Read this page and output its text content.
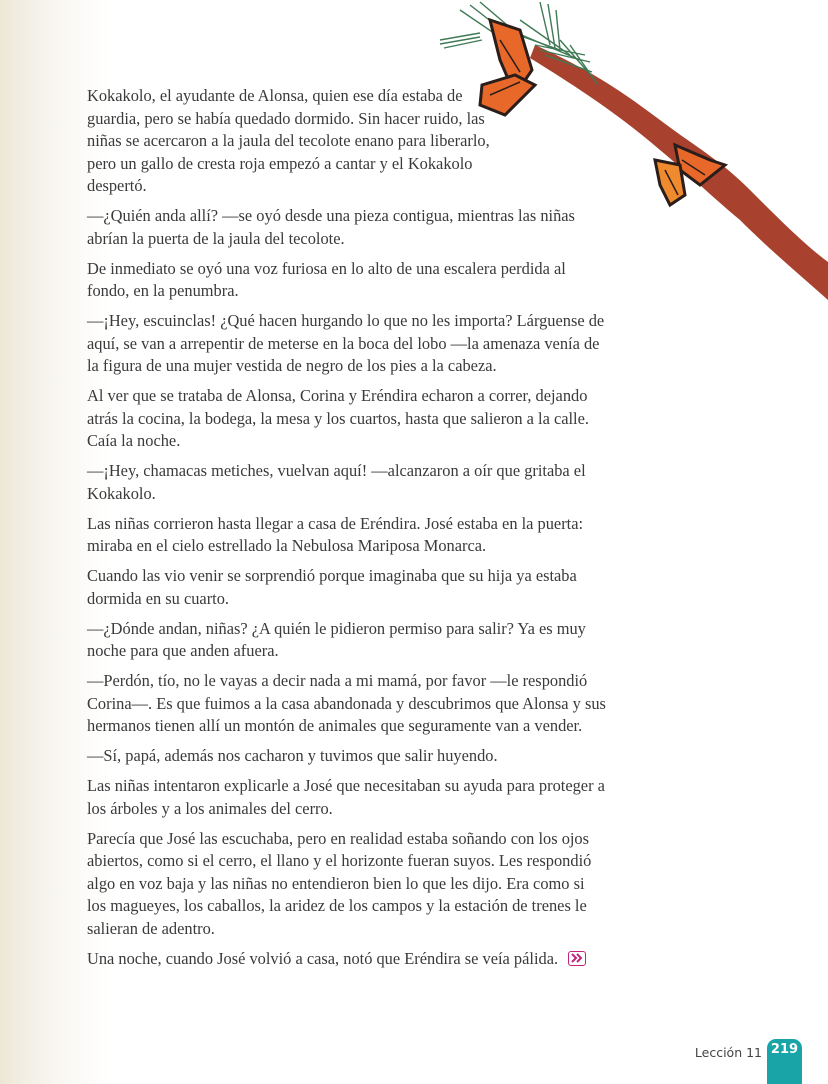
Kokakolo, el ayudante de Alonsa, quien ese día estaba de guardia, pero se había quedado dormido. Sin hacer ruido, las niñas se acercaron a la jaula del tecolote enano para liberarlo, pero un gallo de cresta roja empezó a cantar y el Kokakolo despertó.

—¿Quién anda allí? —se oyó desde una pieza contigua, mientras las niñas abrían la puerta de la jaula del tecolote.

De inmediato se oyó una voz furiosa en lo alto de una escalera perdida al fondo, en la penumbra.

—¡Hey, escuinclas! ¿Qué hacen hurgando lo que no les importa? Lárguense de aquí, se van a arrepentir de meterse en la boca del lobo —la amenaza venía de la figura de una mujer vestida de negro de los pies a la cabeza.

Al ver que se trataba de Alonsa, Corina y Eréndira echaron a correr, dejando atrás la cocina, la bodega, la mesa y los cuartos, hasta que salieron a la calle. Caía la noche.

—¡Hey, chamacas metiches, vuelvan aquí! —alcanzaron a oír que gritaba el Kokakolo.

Las niñas corrieron hasta llegar a casa de Eréndira. José estaba en la puerta: miraba en el cielo estrellado la Nebulosa Mariposa Monarca.

Cuando las vio venir se sorprendió porque imaginaba que su hija ya estaba dormida en su cuarto.

—¿Dónde andan, niñas? ¿A quién le pidieron permiso para salir? Ya es muy noche para que anden afuera.

—Perdón, tío, no le vayas a decir nada a mi mamá, por favor —le respondió Corina—. Es que fuimos a la casa abandonada y descubrimos que Alonsa y sus hermanos tienen allí un montón de animales que seguramente van a vender.

—Sí, papá, además nos cacharon y tuvimos que salir huyendo.

Las niñas intentaron explicarle a José que necesitaban su ayuda para proteger a los árboles y a los animales del cerro.

Parecía que José las escuchaba, pero en realidad estaba soñando con los ojos abiertos, como si el cerro, el llano y el horizonte fueran suyos. Les respondió algo en voz baja y las niñas no entendieron bien lo que les dijo. Era como si los magueyes, los caballos, la aridez de los campos y la estación de trenes le salieran de adentro.

Una noche, cuando José volvió a casa, notó que Eréndira se veía pálida.

Lección 11 219
